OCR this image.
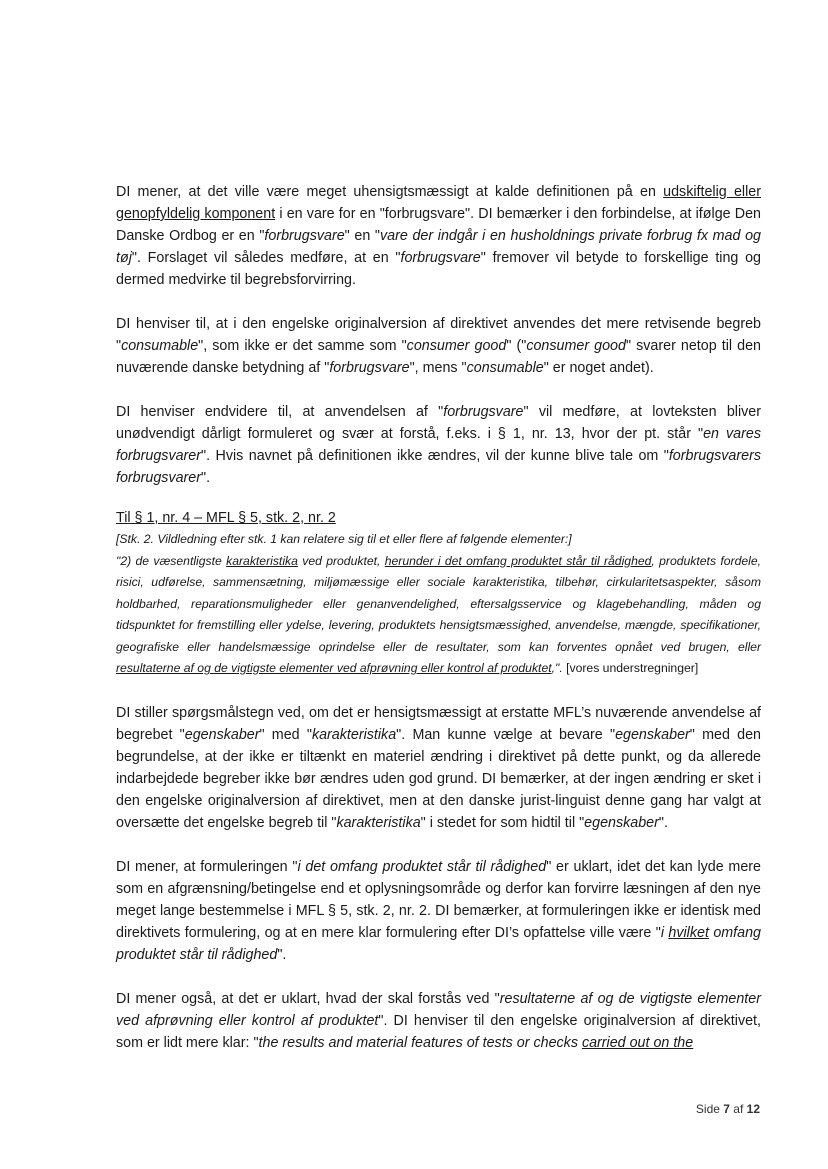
DI mener, at det ville være meget uhensigtsmæssigt at kalde definitionen på en udskiftelig eller genopfyldelig komponent i en vare for en "forbrugsvare". DI bemærker i den forbindelse, at ifølge Den Danske Ordbog er en "forbrugsvare" en "vare der indgår i en husholdnings private forbrug fx mad og tøj". Forslaget vil således medføre, at en "forbrugsvare" fremover vil betyde to forskellige ting og dermed medvirke til begrebsforvirring.

DI henviser til, at i den engelske originalversion af direktivet anvendes det mere retvisende begreb "consumable", som ikke er det samme som "consumer good" ("consumer good" svarer netop til den nuværende danske betydning af "forbrugsvare", mens "consumable" er noget andet).

DI henviser endvidere til, at anvendelsen af "forbrugsvare" vil medføre, at lovteksten bliver unødvendigt dårligt formuleret og svær at forstå, f.eks. i § 1, nr. 13, hvor der pt. står "en vares forbrugsvarer". Hvis navnet på definitionen ikke ændres, vil der kunne blive tale om "forbrugsvarers forbrugsvarer".

Til § 1, nr. 4 – MFL § 5, stk. 2, nr. 2

[Stk. 2. Vildledning efter stk. 1 kan relatere sig til et eller flere af følgende elementer:]

"2) de væsentligste karakteristika ved produktet, herunder i det omfang produktet står til rådighed, produktets fordele, risici, udførelse, sammensætning, miljømæssige eller sociale karakteristika, tilbehør, cirkularitetsaspekter, såsom holdbarhed, reparationsmuligheder eller genanvendelighed, eftersalgsservice og klagebehandling, måden og tidspunktet for fremstilling eller ydelse, levering, produktets hensigtsmæssighed, anvendelse, mængde, specifikationer, geografiske eller handelsmæssige oprindelse eller de resultater, som kan forventes opnået ved brugen, eller resultaterne af og de vigtigste elementer ved afprøvning eller kontrol af produktet,". [vores understregninger]

DI stiller spørgsmålstegn ved, om det er hensigtsmæssigt at erstatte MFL’s nuværende anvendelse af begrebet "egenskaber" med "karakteristika". Man kunne vælge at bevare "egenskaber" med den begrundelse, at der ikke er tiltænkt en materiel ændring i direktivet på dette punkt, og da allerede indarbejdede begreber ikke bør ændres uden god grund. DI bemærker, at der ingen ændring er sket i den engelske originalversion af direktivet, men at den danske jurist-linguist denne gang har valgt at oversætte det engelske begreb til "karakteristika" i stedet for som hidtil til "egenskaber".

DI mener, at formuleringen "i det omfang produktet står til rådighed" er uklart, idet det kan lyde mere som en afgrænsning/betingelse end et oplysningsområde og derfor kan forvirre læsningen af den nye meget lange bestemmelse i MFL § 5, stk. 2, nr. 2. DI bemærker, at formuleringen ikke er identisk med direktivets formulering, og at en mere klar formulering efter DI’s opfattelse ville være "i hvilket omfang produktet står til rådighed".

DI mener også, at det er uklart, hvad der skal forstås ved "resultaterne af og de vigtigste elementer ved afprøvning eller kontrol af produktet". DI henviser til den engelske originalversion af direktivet, som er lidt mere klar: "the results and material features of tests or checks carried out on the

Side 7 af 12
